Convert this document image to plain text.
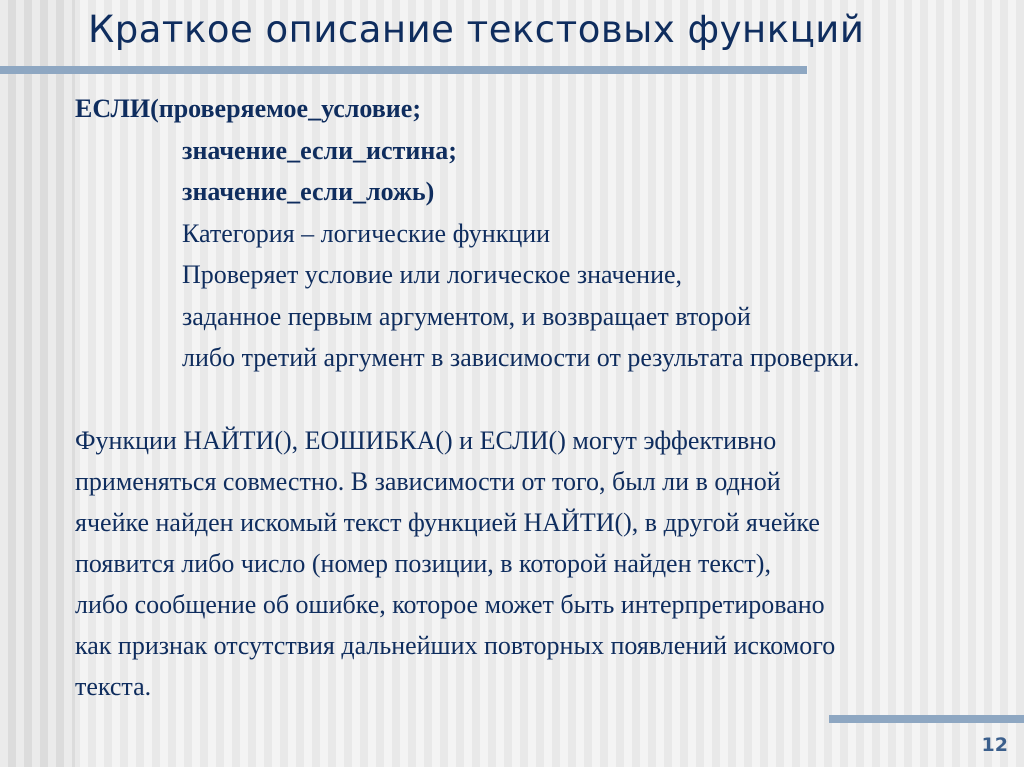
Краткое описание текстовых функций
ЕСЛИ(проверяемое_условие;
значение_если_истина;
значение_если_ложь)
Категория – логические функции
Проверяет условие или логическое значение,
заданное первым аргументом, и возвращает второй
либо третий аргумент в зависимости от результата проверки.
Функции НАЙТИ(), ЕОШИБКА() и ЕСЛИ() могут эффективно
применяться совместно. В зависимости от того, был ли в одной
ячейке найден искомый текст функцией НАЙТИ(), в другой ячейке
появится либо число (номер позиции, в которой найден текст),
либо сообщение об ошибке, которое может быть интерпретировано
как признак отсутствия дальнейших повторных появлений искомого
текста.
12
